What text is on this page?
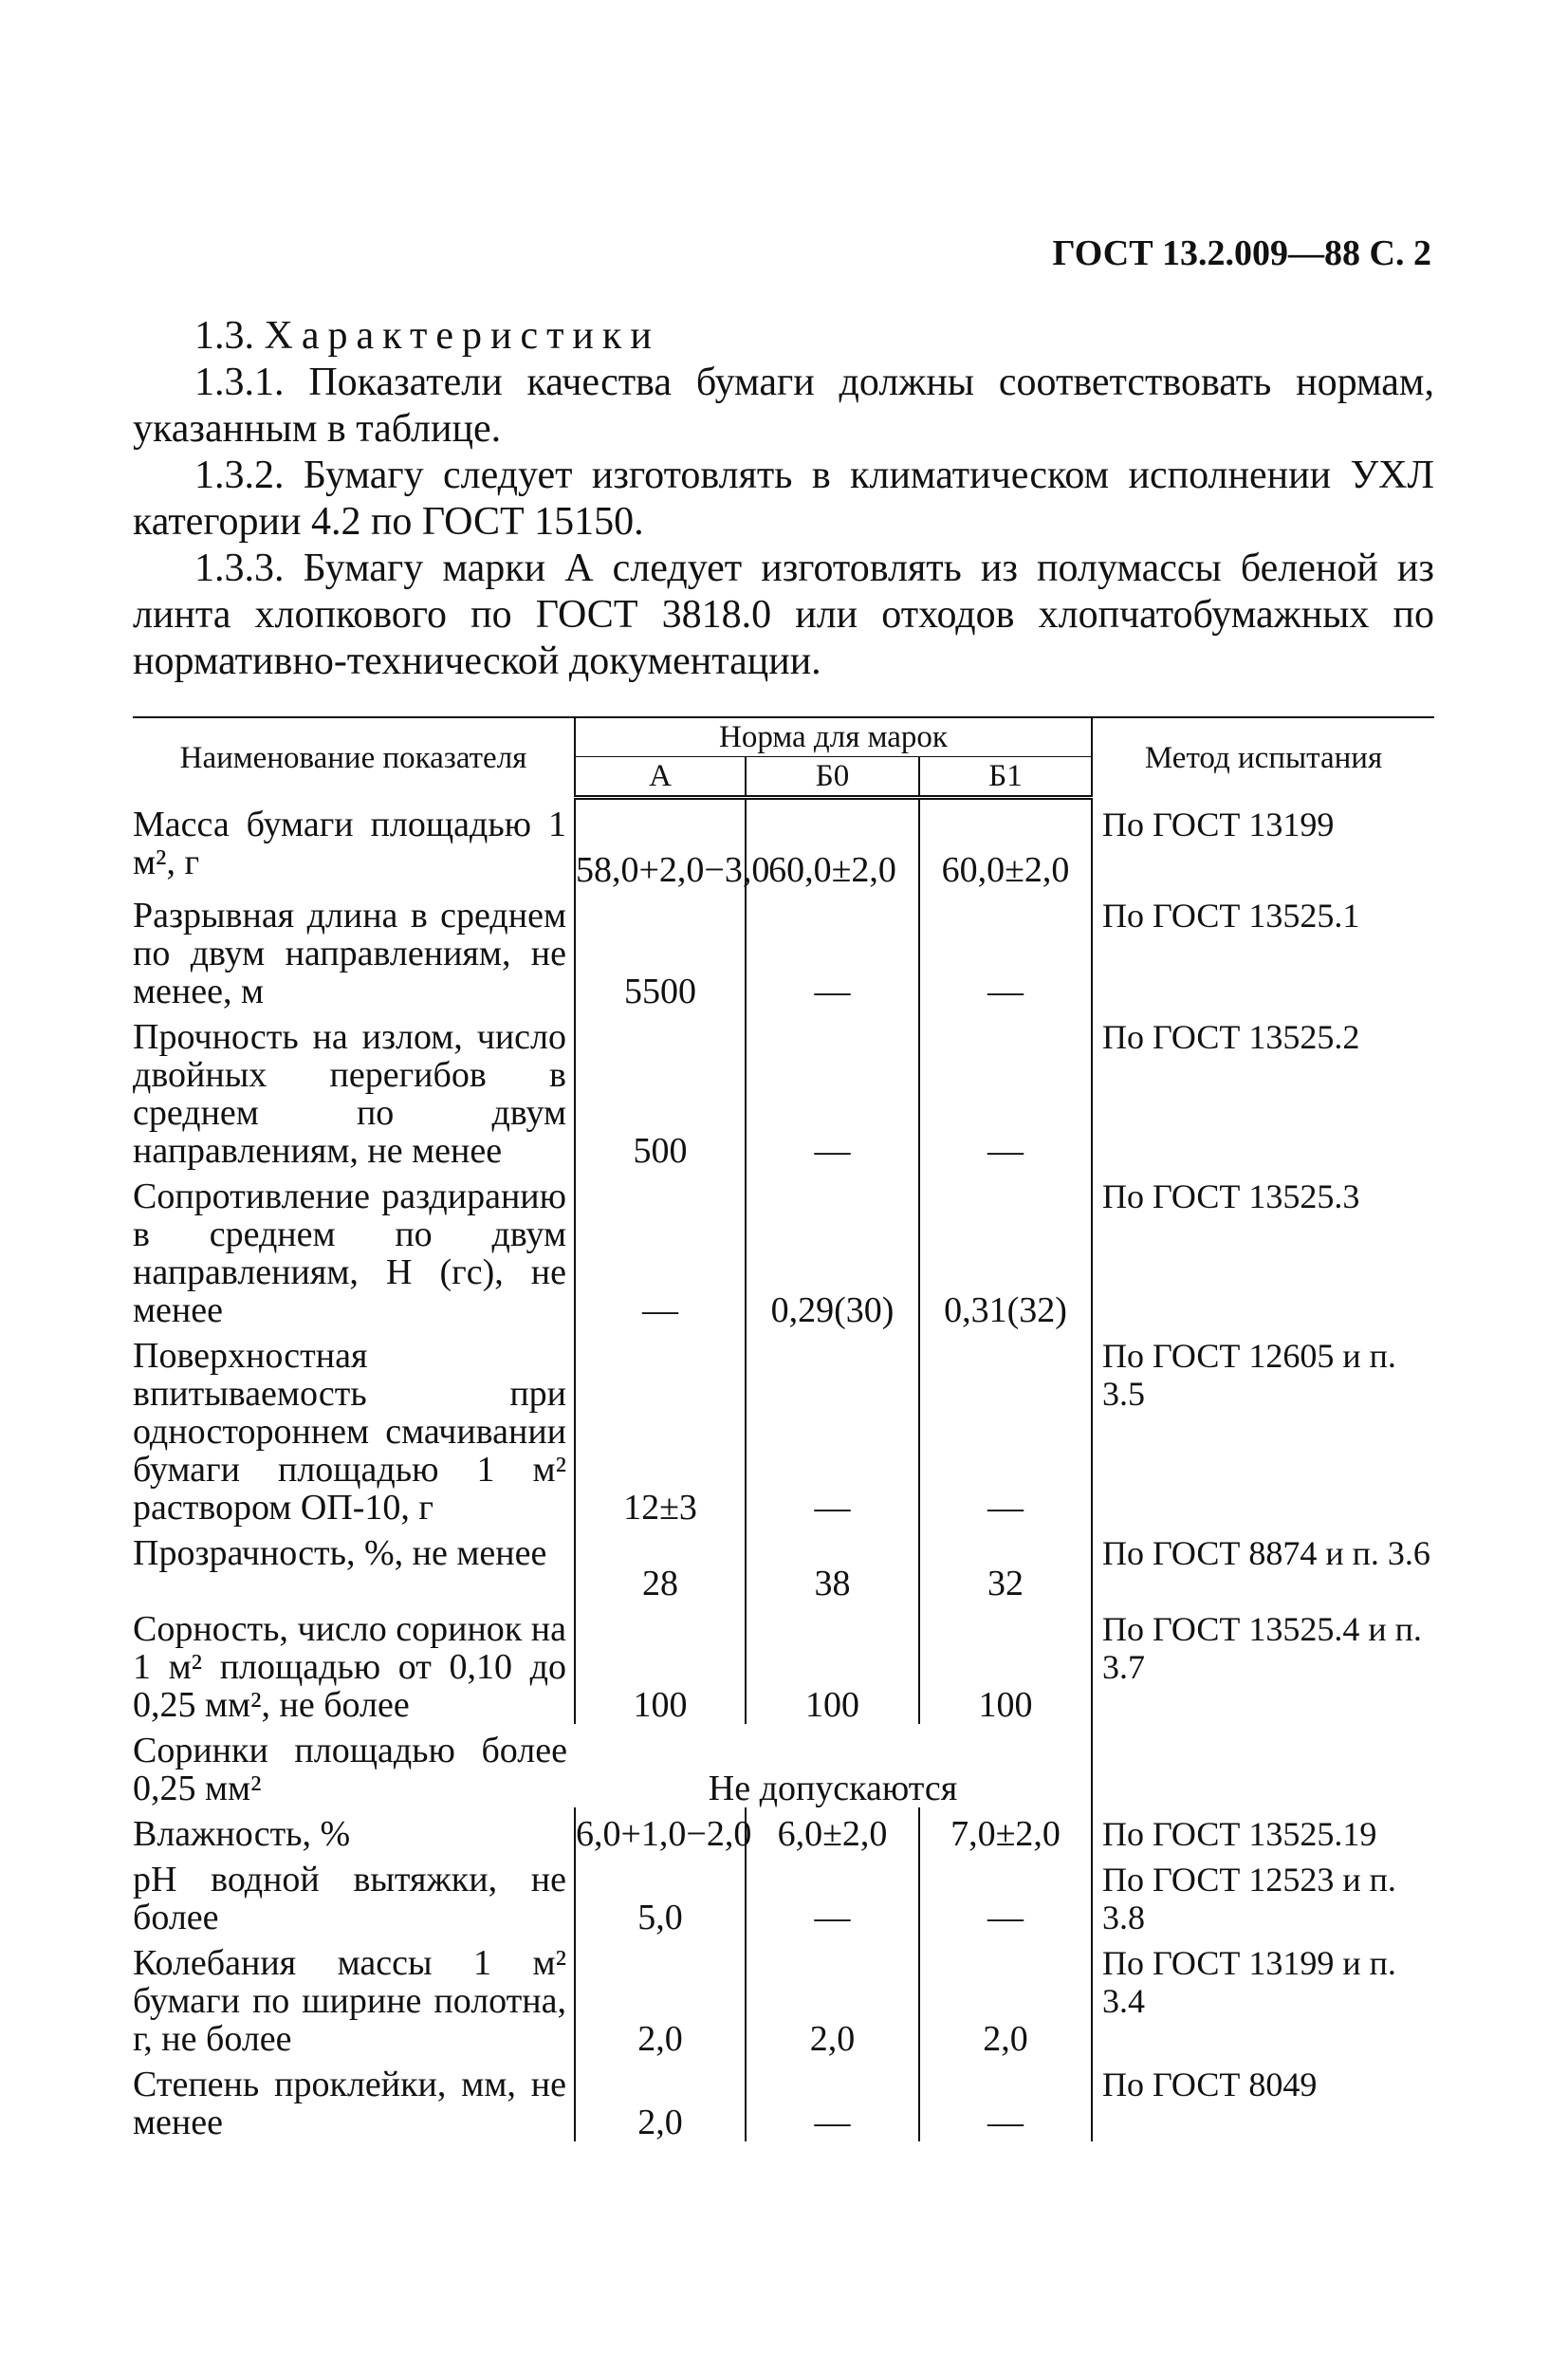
ГОСТ 13.2.009—88 С. 2

1.3. Характеристики

1.3.1. Показатели качества бумаги должны соответствовать нормам, указанным в таблице.

1.3.2. Бумагу следует изготовлять в климатическом исполнении УХЛ категории 4.2 по ГОСТ 15150.

1.3.3. Бумагу марки А следует изготовлять из полумассы беленой из линта хлопкового по ГОСТ 3818.0 или отходов хлопчатобумажных по нормативно-технической документации.

Наименование показателя	Норма для марок			Метод испытания
	А	Б0	Б1	
Масса бумаги площадью 1 м², г	58,0+2,0−3,0	60,0±2,0	60,0±2,0	По ГОСТ 13199
Разрывная длина в среднем по двум направлениям, не менее, м	5500	—	—	По ГОСТ 13525.1
Прочность на излом, число двойных перегибов в среднем по двум направлениям, не менее	500	—	—	По ГОСТ 13525.2
Сопротивление раздиранию в среднем по двум направлениям, Н (гс), не менее	—	0,29(30)	0,31(32)	По ГОСТ 13525.3
Поверхностная впитываемость при одностороннем смачивании бумаги площадью 1 м² раствором ОП-10, г	12±3	—	—	По ГОСТ 12605 и п. 3.5
Прозрачность, %, не менее	28	38	32	По ГОСТ 8874 и п. 3.6
Сорность, число соринок на 1 м² площадью от 0,10 до 0,25 мм², не более	100	100	100	По ГОСТ 13525.4 и п. 3.7
Соринки площадью более 0,25 мм²	Не допускаются			
Влажность, %	6,0+1,0−2,0	6,0±2,0	7,0±2,0	По ГОСТ 13525.19
pH водной вытяжки, не более	5,0	—	—	По ГОСТ 12523 и п. 3.8
Колебания массы 1 м² бумаги по ширине полотна, г, не более	2,0	2,0	2,0	По ГОСТ 13199 и п. 3.4
Степень проклейки, мм, не менее	2,0	—	—	По ГОСТ 8049
